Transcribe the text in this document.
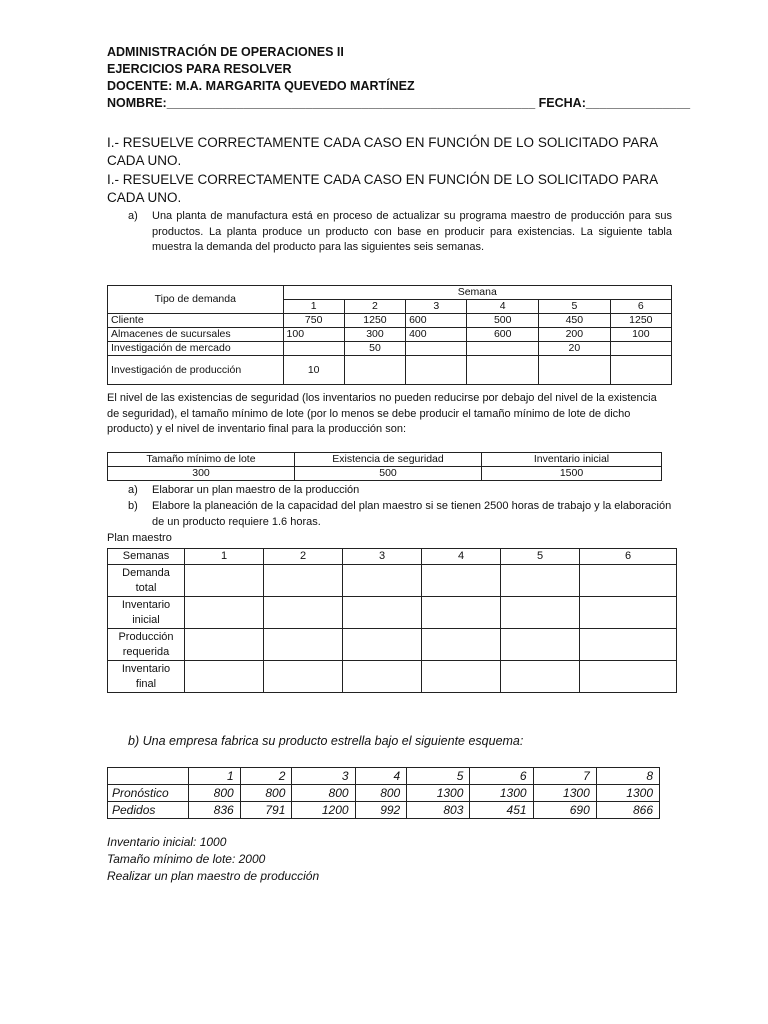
ADMINISTRACIÓN DE OPERACIONES II
EJERCICIOS PARA RESOLVER
DOCENTE: M.A. MARGARITA QUEVEDO MARTÍNEZ
NOMBRE:_____________________________________________________ FECHA:_______________
I.- RESUELVE CORRECTAMENTE CADA CASO EN FUNCIÓN DE LO SOLICITADO PARA CADA UNO.
I.- RESUELVE CORRECTAMENTE CADA CASO EN FUNCIÓN DE LO SOLICITADO PARA CADA UNO.
a) Una planta de manufactura está en proceso de actualizar su programa maestro de producción para sus productos. La planta produce un producto con base en producir para existencias. La siguiente tabla muestra la demanda del producto para las siguientes seis semanas.
Tipo de demanda	Semana					
	1	2	3	4	5	6
Cliente	750	1250	600	500	450	1250
Almacenes de sucursales	100	300	400	600	200	100
Investigación de mercado		50			20	
Investigación de producción	10					
El nivel de las existencias de seguridad (los inventarios no pueden reducirse por debajo del nivel de la existencia de seguridad), el tamaño mínimo de lote (por lo menos se debe producir el tamaño mínimo de lote de dicho producto) y el nivel de inventario final para la producción son:
Tamaño mínimo de lote	Existencia de seguridad	Inventario inicial
300	500	1500
a) Elaborar un plan maestro de la producción
b) Elabore la planeación de la capacidad del plan maestro si se tienen 2500 horas de trabajo y la elaboración de un producto requiere 1.6 horas.
Plan maestro
Semanas	1	2	3	4	5	6
Demanda total						
Inventario inicial						
Producción requerida						
Inventario final						
b) Una empresa fabrica su producto estrella bajo el siguiente esquema:
	1	2	3	4	5	6	7	8
Pronóstico	800	800	800	800	1300	1300	1300	1300
Pedidos	836	791	1200	992	803	451	690	866
Inventario inicial: 1000
Tamaño mínimo de lote: 2000
Realizar un plan maestro de producción
